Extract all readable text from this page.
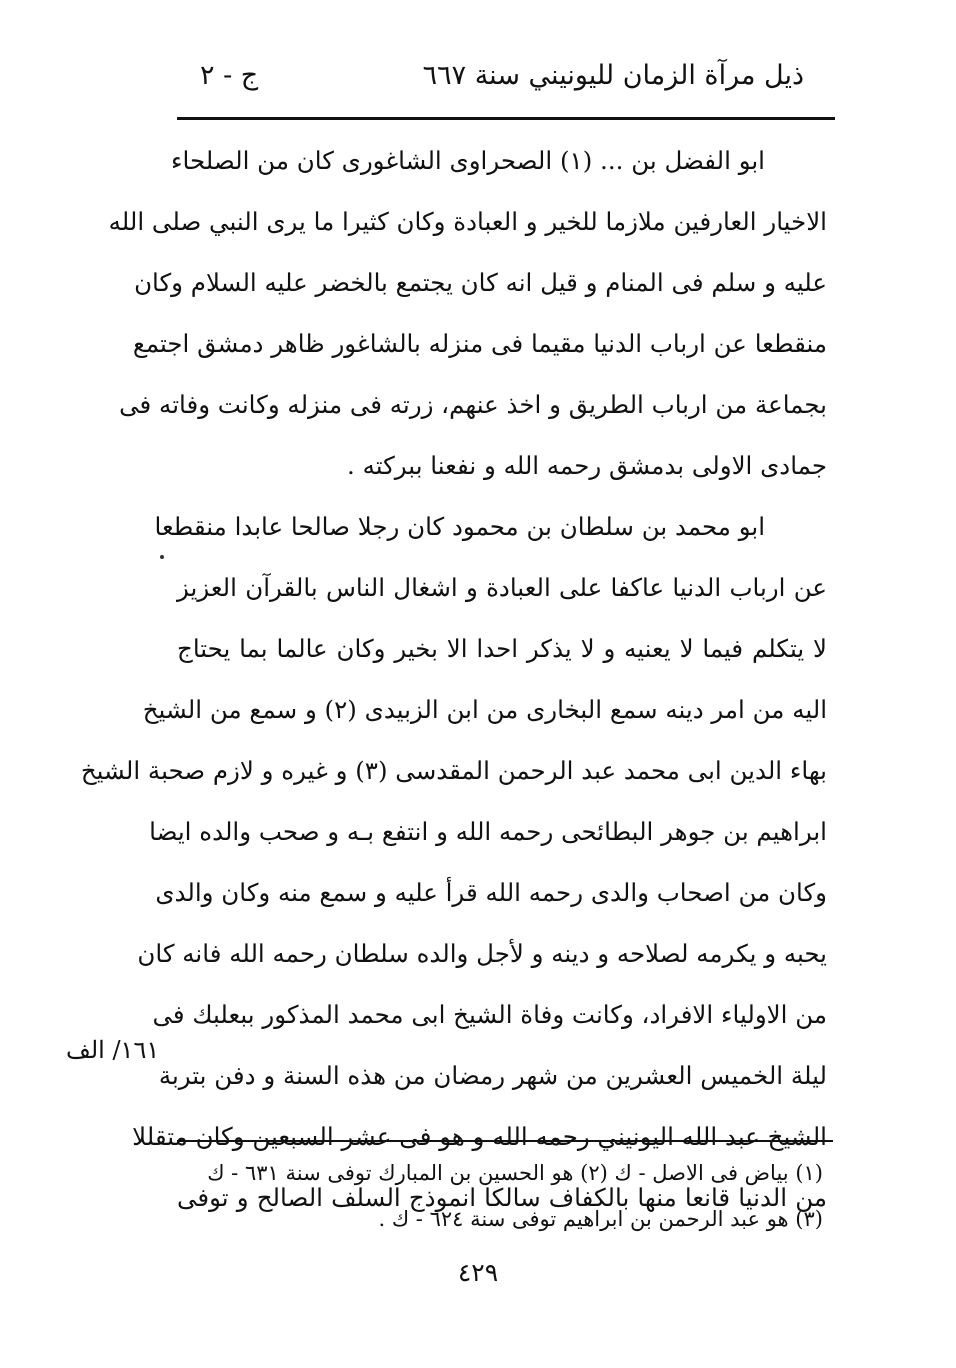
ذيل مرآة الزمان لليونيني سنة ٦٦٧
ج - ٢
ابو الفضل بن ... (١) الصحراوى الشاغورى كان من الصلحاء
الاخيار العارفين ملازما للخير و العبادة وكان كثيرا ما يرى النبي صلى الله
عليه و سلم فى المنام و قيل انه كان يجتمع بالخضر عليه السلام وكان
منقطعا عن ارباب الدنيا مقيما فى منزله بالشاغور ظاهر دمشق اجتمع
بجماعة من ارباب الطريق و اخذ عنهم، زرته فى منزله وكانت وفاته فى
جمادى الاولى بدمشق رحمه الله و نفعنا ببركته .
ابو محمد بن سلطان بن محمود كان رجلا صالحا عابدا منقطعا
عن ارباب الدنيا عاكفا على العبادة و اشغال الناس بالقرآن العزيز
لا يتكلم فيما لا يعنيه و لا يذكر احدا الا بخير وكان عالما بما يحتاج
اليه من امر دينه سمع البخارى من ابن الزبيدى (٢) و سمع من الشيخ
بهاء الدين ابى محمد عبد الرحمن المقدسى (٣) و غيره و لازم صحبة الشيخ
ابراهيم بن جوهر البطائحى رحمه الله و انتفع بـه و صحب والده ايضا
وكان من اصحاب والدى رحمه الله قرأ عليه و سمع منه وكان والدى
يحبه و يكرمه لصلاحه و دينه و لأجل والده سلطان رحمه الله فانه كان
من الاولياء الافراد، وكانت وفاة الشيخ ابى محمد المذكور ببعلبك فى
ليلة الخميس العشرين من شهر رمضان من هذه السنة و دفن بتربة
الشيخ عبد الله اليونيني رحمه الله و هو فى عشر السبعين وكان متقللا
من الدنيا قانعا منها بالكفاف سالكا انموذج السلف الصالح و توفى
١٦١/ الف
(١) بياض فى الاصل - ك (٢) هو الحسين بن المبارك توفى سنة ٦٣١ - ك
(٣) هو عبد الرحمن بن ابراهيم توفى سنة ٦٢٤ - ك .
٤٢٩
